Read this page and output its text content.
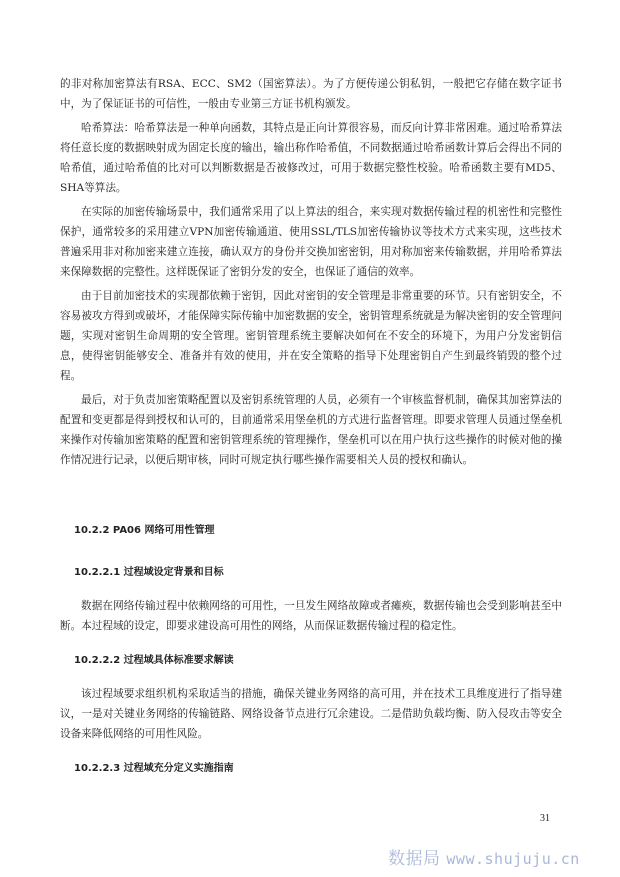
的非对称加密算法有RSA、ECC、SM2（国密算法）。为了方便传递公钥私钥，一般把它存储在数字证书中，为了保证证书的可信性，一般由专业第三方证书机构颁发。

哈希算法：哈希算法是一种单向函数，其特点是正向计算很容易，而反向计算非常困难。通过哈希算法将任意长度的数据映射成为固定长度的输出，输出称作哈希值，不同数据通过哈希函数计算后会得出不同的哈希值，通过哈希值的比对可以判断数据是否被修改过，可用于数据完整性校验。哈希函数主要有MD5、SHA等算法。

在实际的加密传输场景中，我们通常采用了以上算法的组合，来实现对数据传输过程的机密性和完整性保护，通常较多的采用建立VPN加密传输通道、使用SSL/TLS加密传输协议等技术方式来实现，这些技术普遍采用非对称加密来建立连接，确认双方的身份并交换加密密钥，用对称加密来传输数据，并用哈希算法来保障数据的完整性。这样既保证了密钥分发的安全，也保证了通信的效率。

由于目前加密技术的实现都依赖于密钥，因此对密钥的安全管理是非常重要的环节。只有密钥安全，不容易被攻方得到或破坏，才能保障实际传输中加密数据的安全，密钥管理系统就是为解决密钥的安全管理问题，实现对密钥生命周期的安全管理。密钥管理系统主要解决如何在不安全的环境下，为用户分发密钥信息，使得密钥能够安全、准备并有效的使用，并在安全策略的指导下处理密钥自产生到最终销毁的整个过程。

最后，对于负责加密策略配置以及密钥系统管理的人员，必须有一个审核监督机制，确保其加密算法的配置和变更都是得到授权和认可的，目前通常采用堡垒机的方式进行监督管理。即要求管理人员通过堡垒机来操作对传输加密策略的配置和密钥管理系统的管理操作，堡垒机可以在用户执行这些操作的时候对他的操作情况进行记录，以便后期审核，同时可规定执行哪些操作需要相关人员的授权和确认。

10.2.2 PA06 网络可用性管理
10.2.2.1 过程域设定背景和目标

数据在网络传输过程中依赖网络的可用性，一旦发生网络故障或者瘫痪，数据传输也会受到影响甚至中断。本过程域的设定，即要求建设高可用性的网络，从而保证数据传输过程的稳定性。

10.2.2.2 过程域具体标准要求解读

该过程域要求组织机构采取适当的措施，确保关键业务网络的高可用，并在技术工具维度进行了指导建议，一是对关键业务网络的传输链路、网络设备节点进行冗余建设。二是借助负载均衡、防入侵攻击等安全设备来降低网络的可用性风险。

10.2.2.3 过程域充分定义实施指南
31
数据局 www.shujuju.cn
